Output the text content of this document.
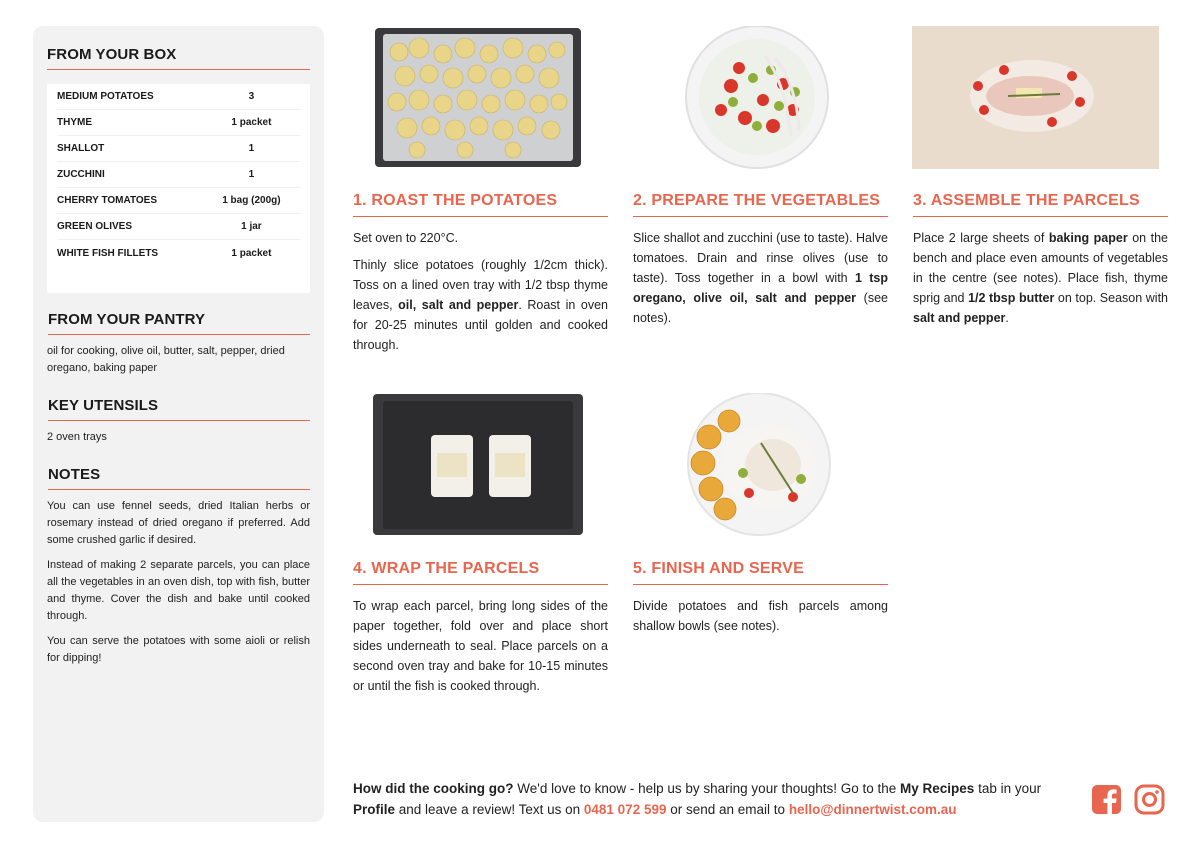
FROM YOUR BOX
MEDIUM POTATOES	3
THYME	1 packet
SHALLOT	1
ZUCCHINI	1
CHERRY TOMATOES	1 bag (200g)
GREEN OLIVES	1 jar
WHITE FISH FILLETS	1 packet
FROM YOUR PANTRY

oil for cooking, olive oil, butter, salt, pepper, dried oregano, baking paper

KEY UTENSILS

2 oven trays

NOTES

You can use fennel seeds, dried Italian herbs or rosemary instead of dried oregano if preferred. Add some crushed garlic if desired.

Instead of making 2 separate parcels, you can place all the vegetables in an oven dish, top with fish, butter and thyme. Cover the dish and bake until cooked through.

You can serve the potatoes with some aioli or relish for dipping!

1. ROAST THE POTATOES	2. PREPARE THE VEGETABLES	3. ASSEMBLE THE PARCELS
4. WRAP THE PARCELS	5. FINISH AND SERVE

Set oven to 220°C.

Thinly slice potatoes (roughly 1/2cm thick). Toss on a lined oven tray with 1/2 tbsp thyme leaves, oil, salt and pepper. Roast in oven for 20-25 minutes until golden and cooked through.

Slice shallot and zucchini (use to taste). Halve tomatoes. Drain and rinse olives (use to taste). Toss together in a bowl with 1 tsp oregano, olive oil, salt and pepper (see notes).

Place 2 large sheets of baking paper on the bench and place even amounts of vegetables in the centre (see notes). Place fish, thyme sprig and 1/2 tbsp butter on top. Season with salt and pepper.

To wrap each parcel, bring long sides of the paper together, fold over and place short sides underneath to seal. Place parcels on a second oven tray and bake for 10-15 minutes or until the fish is cooked through.

Divide potatoes and fish parcels among shallow bowls (see notes).

How did the cooking go? We'd love to know - help us by sharing your thoughts! Go to the My Recipes tab in your Profile and leave a review! Text us on 0481 072 599 or send an email to hello@dinnertwist.com.au
